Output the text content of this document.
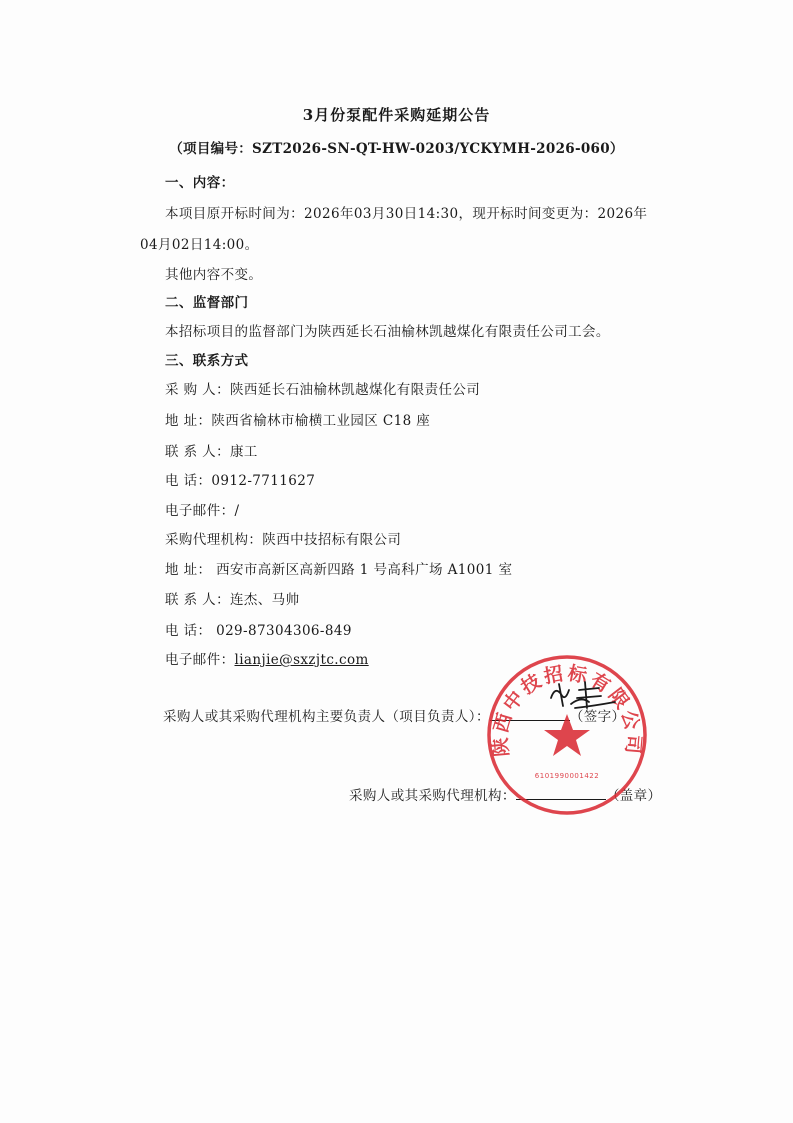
3月份泵配件采购延期公告
（项目编号：SZT2026-SN-QT-HW-0203/YCKYMH-2026-060）
一、内容：
本项目原开标时间为：2026年03月30日14:30，现开标时间变更为：2026年
04月02日14:00。
其他内容不变。
二、监督部门
本招标项目的监督部门为陕西延长石油榆林凯越煤化有限责任公司工会。
三、联系方式
采 购 人：陕西延长石油榆林凯越煤化有限责任公司
地 址：陕西省榆林市榆横工业园区 C18 座
联 系 人：康工
电 话：0912-7711627
电子邮件：/
采购代理机构：陕西中技招标有限公司
地 址： 西安市高新区高新四路 1 号高科广场 A1001 室
联 系 人：连杰、马帅
电 话： 029-87304306-849
电子邮件：lianjie@sxzjtc.com
采购人或其采购代理机构主要负责人（项目负责人）：	（签字）
采购人或其采购代理机构：	（盖章）
陕西中技招标有限公司
6101990001422
